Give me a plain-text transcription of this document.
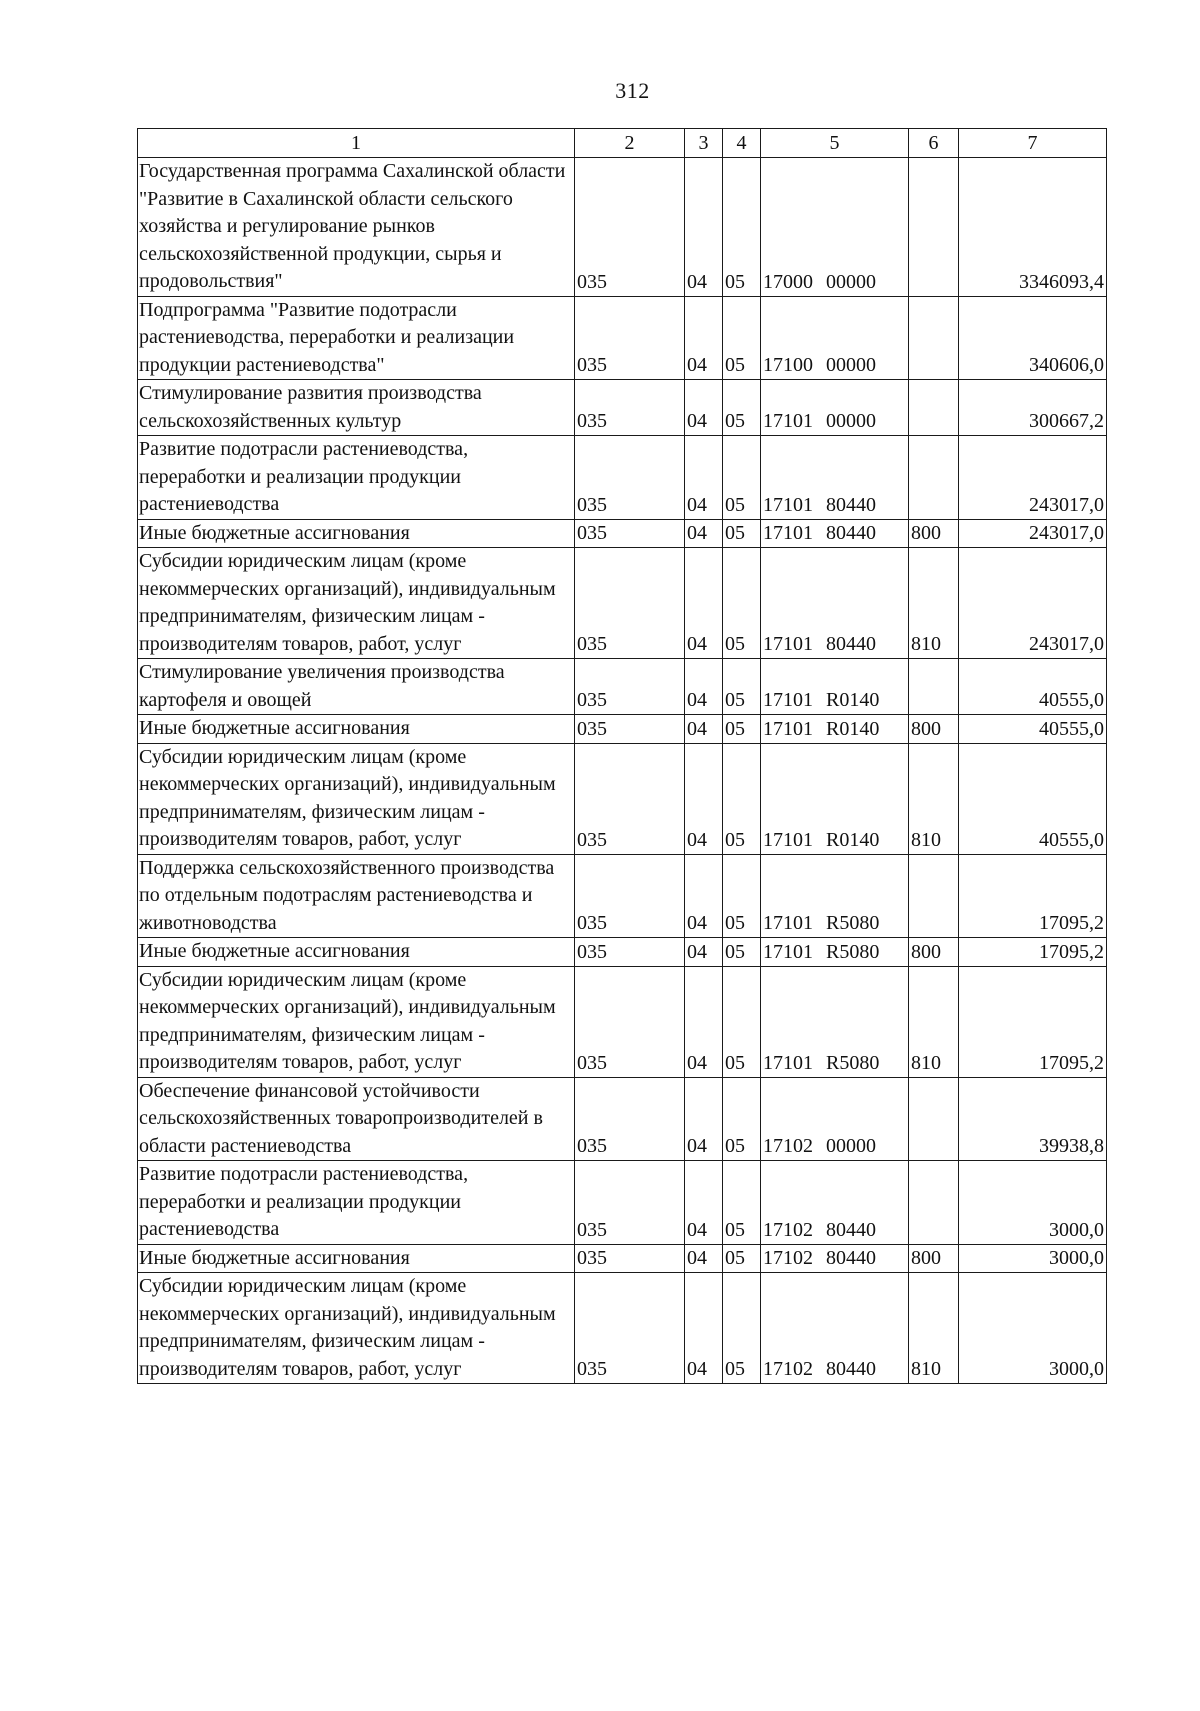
312
1	2	3	4	5	6	7
Государственная программа Сахалинской области "Развитие в Сахалинской области сельского хозяйства и регулирование рынков сельскохозяйственной продукции, сырья и продовольствия"	035	04	05	17000 00000		3346093,4
Подпрограмма "Развитие подотрасли растениеводства, переработки и реализации продукции растениеводства"	035	04	05	17100 00000		340606,0
Стимулирование развития производства сельскохозяйственных культур	035	04	05	17101 00000		300667,2
Развитие подотрасли растениеводства, переработки и реализации продукции растениеводства	035	04	05	17101 80440		243017,0
Иные бюджетные ассигнования	035	04	05	17101 80440	800	243017,0
Субсидии юридическим лицам (кроме некоммерческих организаций), индивидуальным предпринимателям, физическим лицам - производителям товаров, работ, услуг	035	04	05	17101 80440	810	243017,0
Стимулирование увеличения производства картофеля и овощей	035	04	05	17101 R0140		40555,0
Иные бюджетные ассигнования	035	04	05	17101 R0140	800	40555,0
Субсидии юридическим лицам (кроме некоммерческих организаций), индивидуальным предпринимателям, физическим лицам - производителям товаров, работ, услуг	035	04	05	17101 R0140	810	40555,0
Поддержка сельскохозяйственного производства по отдельным подотраслям растениеводства и животноводства	035	04	05	17101 R5080		17095,2
Иные бюджетные ассигнования	035	04	05	17101 R5080	800	17095,2
Субсидии юридическим лицам (кроме некоммерческих организаций), индивидуальным предпринимателям, физическим лицам - производителям товаров, работ, услуг	035	04	05	17101 R5080	810	17095,2
Обеспечение финансовой устойчивости сельскохозяйственных товаропроизводителей в области растениеводства	035	04	05	17102 00000		39938,8
Развитие подотрасли растениеводства, переработки и реализации продукции растениеводства	035	04	05	17102 80440		3000,0
Иные бюджетные ассигнования	035	04	05	17102 80440	800	3000,0
Субсидии юридическим лицам (кроме некоммерческих организаций), индивидуальным предпринимателям, физическим лицам - производителям товаров, работ, услуг	035	04	05	17102 80440	810	3000,0
